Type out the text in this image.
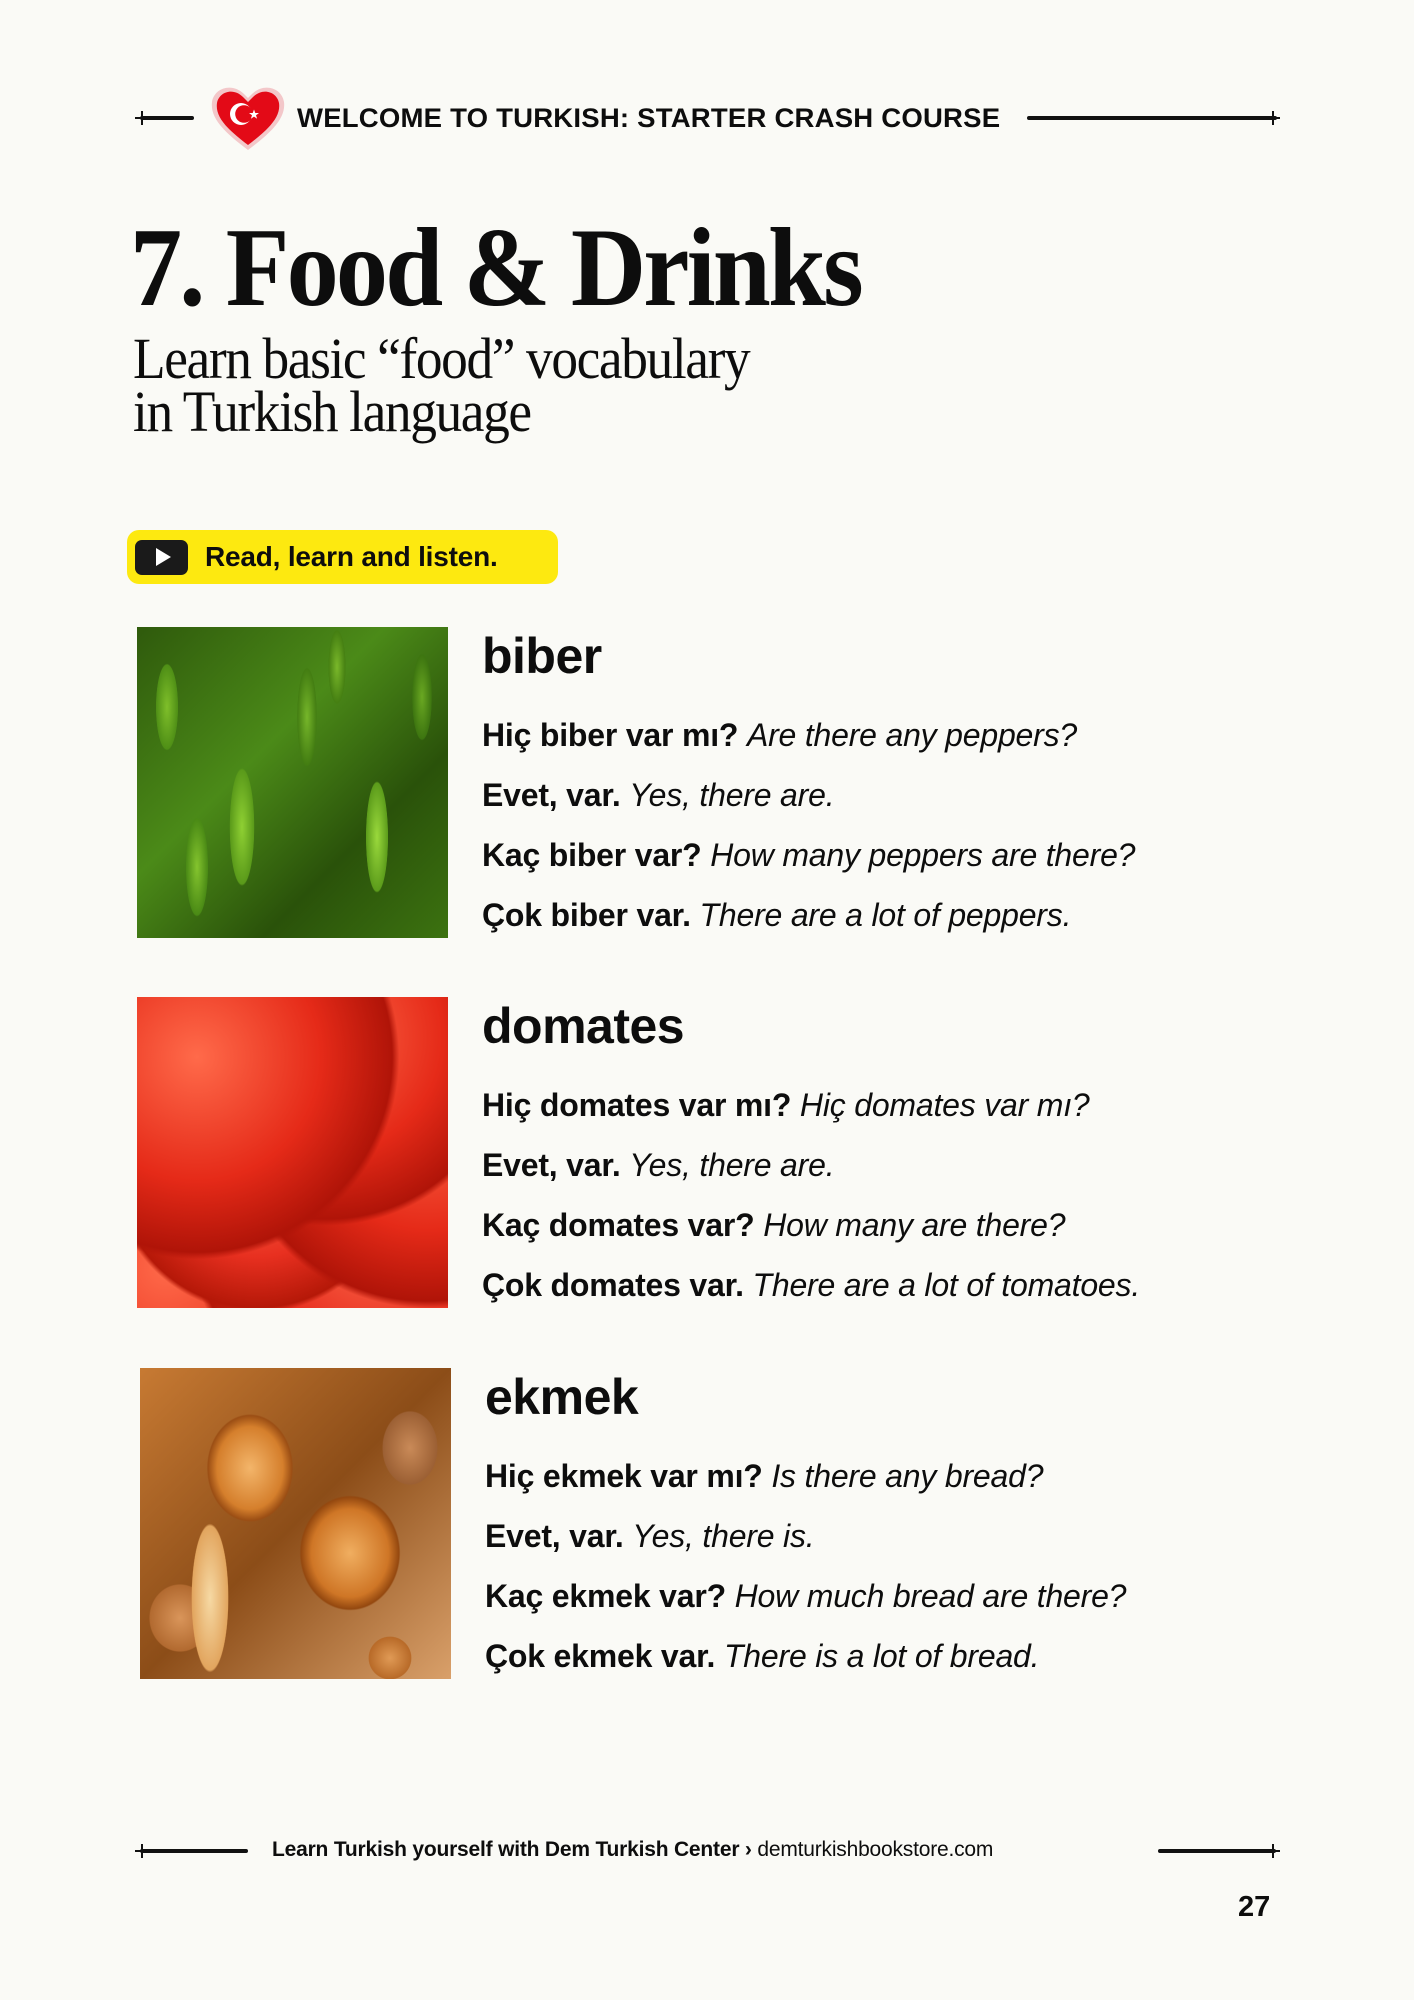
WELCOME TO TURKISH: STARTER CRASH COURSE
7. Food & Drinks
Learn basic “food” vocabulary
in Turkish language
Read, learn and listen.
biber
Hiç biber var mı? Are there any peppers?
Evet, var. Yes, there are.
Kaç biber var? How many peppers are there?
Çok biber var. There are a lot of peppers.
domates
Hiç domates var mı? Hiç domates var mı?
Evet, var. Yes, there are.
Kaç domates var? How many are there?
Çok domates var. There are a lot of tomatoes.
ekmek
Hiç ekmek var mı? Is there any bread?
Evet, var. Yes, there is.
Kaç ekmek var? How much bread are there?
Çok ekmek var. There is a lot of bread.
Learn Turkish yourself with Dem Turkish Center › demturkishbookstore.com
27
